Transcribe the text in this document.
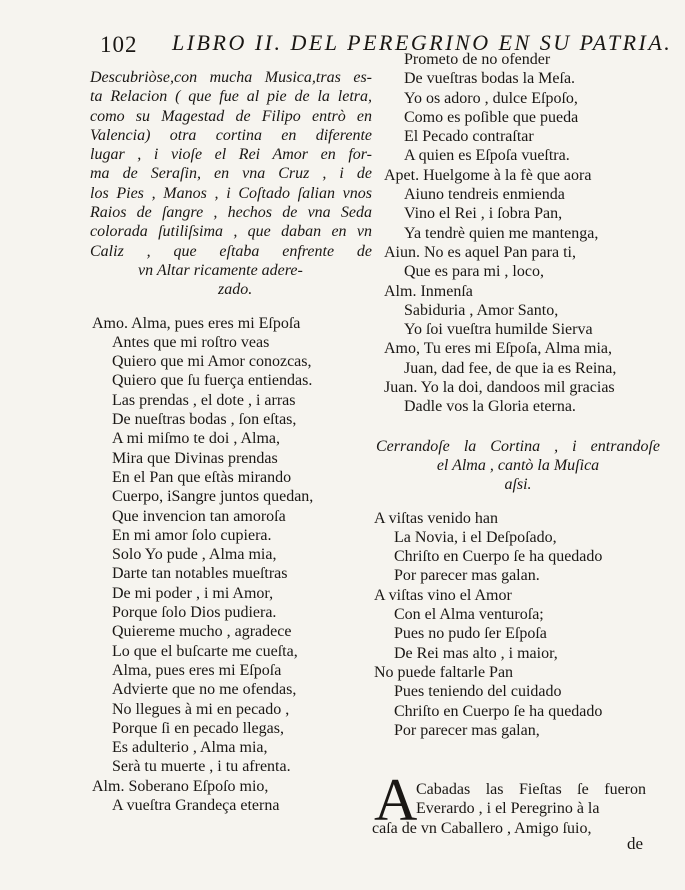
102 LIBRO II. DEL PEREGRINO EN SU PATRIA.
Descubriòse,con mucha Musica,tras es-
ta Relacion ( que fue al pie de la letra,
como su Magestad de Filipo entrò en
Valencia) otra cortina en diferente
lugar , i vioſe el Rei Amor en for-
ma de Seraſin, en vna Cruz , i de
los Pies , Manos , i Coſtado ſalian vnos
Raios de ſangre , hechos de vna Seda
colorada ſutiliſsima , que daban en vn
Caliz , que eſtaba enfrente de
vn Altar ricamente adere-
zado.
Amo. Alma, pues eres mi Eſpoſa
Antes que mi roſtro veas
Quiero que mi Amor conozcas,
Quiero que ſu fuerça entiendas.
Las prendas , el dote , i arras
De nueſtras bodas , ſon eſtas,
A mi miſmo te doi , Alma,
Mira que Divinas prendas
En el Pan que eſtàs mirando
Cuerpo, iSangre juntos quedan,
Que invencion tan amoroſa
En mi amor ſolo cupiera.
Solo Yo pude , Alma mia,
Darte tan notables mueſtras
De mi poder , i mi Amor,
Porque ſolo Dios pudiera.
Quiereme mucho , agradece
Lo que el buſcarte me cueſta,
Alma, pues eres mi Eſpoſa
Advierte que no me ofendas,
No llegues à mi en pecado ,
Porque ſi en pecado llegas,
Es adulterio , Alma mia,
Serà tu muerte , i tu afrenta.
Alm. Soberano Eſpoſo mio,
A vueſtra Grandeça eterna
Prometo de no ofender
De vueſtras bodas la Meſa.
Yo os adoro , dulce Eſpoſo,
Como es poſible que pueda
El Pecado contraſtar
A quien es Eſpoſa vueſtra.
Apet. Huelgome à la fè que aora
Aiuno tendreis enmienda
Vino el Rei , i ſobra Pan,
Ya tendrè quien me mantenga,
Aiun. No es aquel Pan para ti,
Que es para mi , loco,
Alm. Inmenſa
Sabiduria , Amor Santo,
Yo ſoi vueſtra humilde Sierva
Amo, Tu eres mi Eſpoſa, Alma mia,
Juan, dad fee, de que ia es Reina,
Juan. Yo la doi, dandoos mil gracias
Dadle vos la Gloria eterna.
Cerrandoſe la Cortina , i entrandoſe
el Alma , cantò la Muſica
aſsi.
A viſtas venido han
La Novia, i el Deſpoſado,
Chriſto en Cuerpo ſe ha quedado
Por parecer mas galan.
A viſtas vino el Amor
Con el Alma venturoſa;
Pues no pudo ſer Eſpoſa
De Rei mas alto , i maior,
No puede faltarle Pan
Pues teniendo del cuidado
Chriſto en Cuerpo ſe ha quedado
Por parecer mas galan,
A
Cabadas las Fieſtas ſe fueron
Everardo , i el Peregrino à la
caſa de vn Caballero , Amigo ſuio,
de
